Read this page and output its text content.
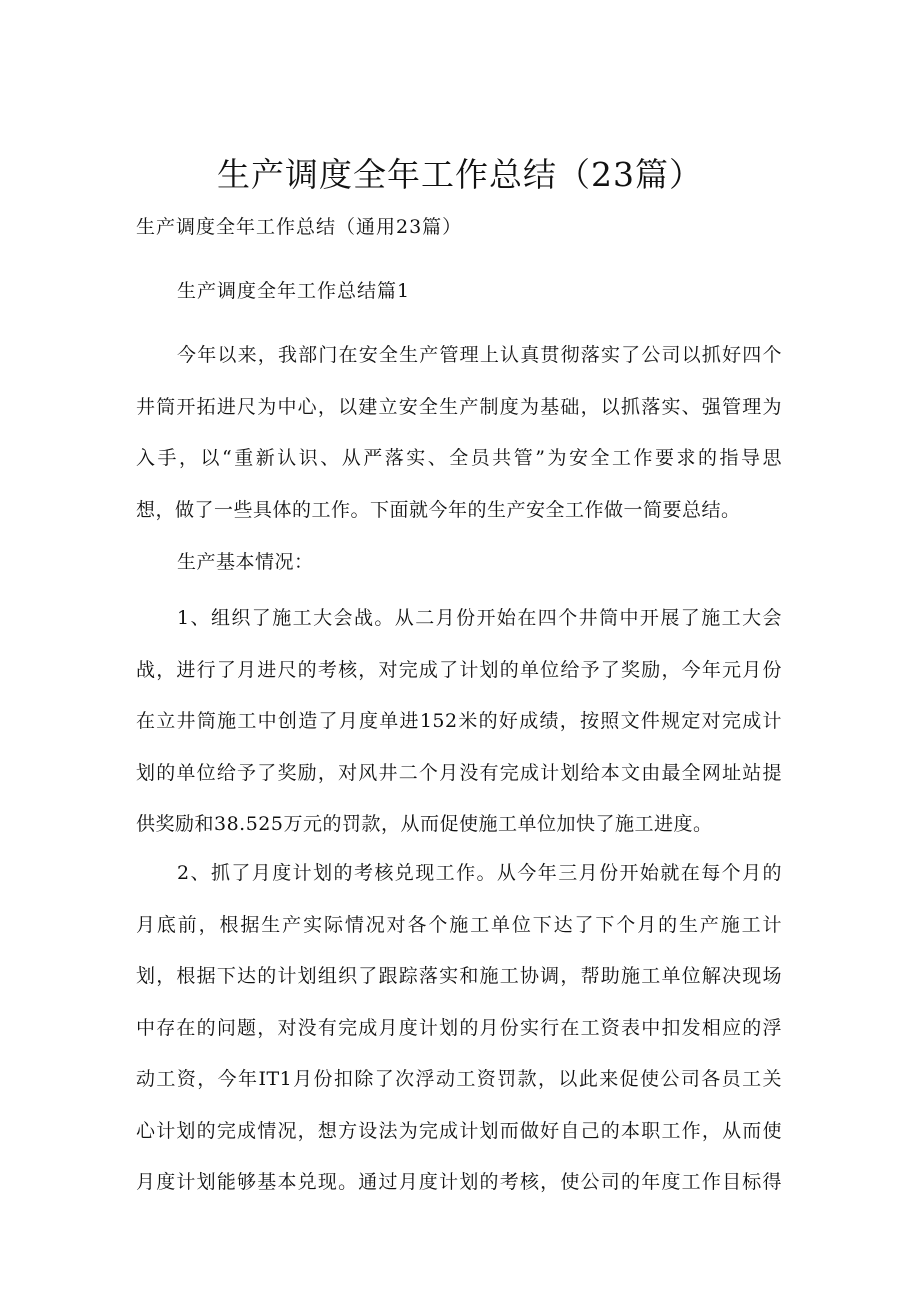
生产调度全年工作总结（23篇）
生产调度全年工作总结（通用23篇）
生产调度全年工作总结篇1
今年以来，我部门在安全生产管理上认真贯彻落实了公司以抓好四个
井筒开拓进尺为中心，以建立安全生产制度为基础，以抓落实、强管理为
入手，以“重新认识、从严落实、全员共管”为安全工作要求的指导思
想，做了一些具体的工作。下面就今年的生产安全工作做一简要总结。
生产基本情况：
1、组织了施工大会战。从二月份开始在四个井筒中开展了施工大会
战，进行了月进尺的考核，对完成了计划的单位给予了奖励，今年元月份
在立井筒施工中创造了月度单进152米的好成绩，按照文件规定对完成计
划的单位给予了奖励，对风井二个月没有完成计划给本文由最全网址站提
供奖励和38.525万元的罚款，从而促使施工单位加快了施工进度。
2、抓了月度计划的考核兑现工作。从今年三月份开始就在每个月的
月底前，根据生产实际情况对各个施工单位下达了下个月的生产施工计
划，根据下达的计划组织了跟踪落实和施工协调，帮助施工单位解决现场
中存在的问题，对没有完成月度计划的月份实行在工资表中扣发相应的浮
动工资，今年IT1月份扣除了次浮动工资罚款，以此来促使公司各员工关
心计划的完成情况，想方设法为完成计划而做好自己的本职工作，从而使
月度计划能够基本兑现。通过月度计划的考核，使公司的年度工作目标得
